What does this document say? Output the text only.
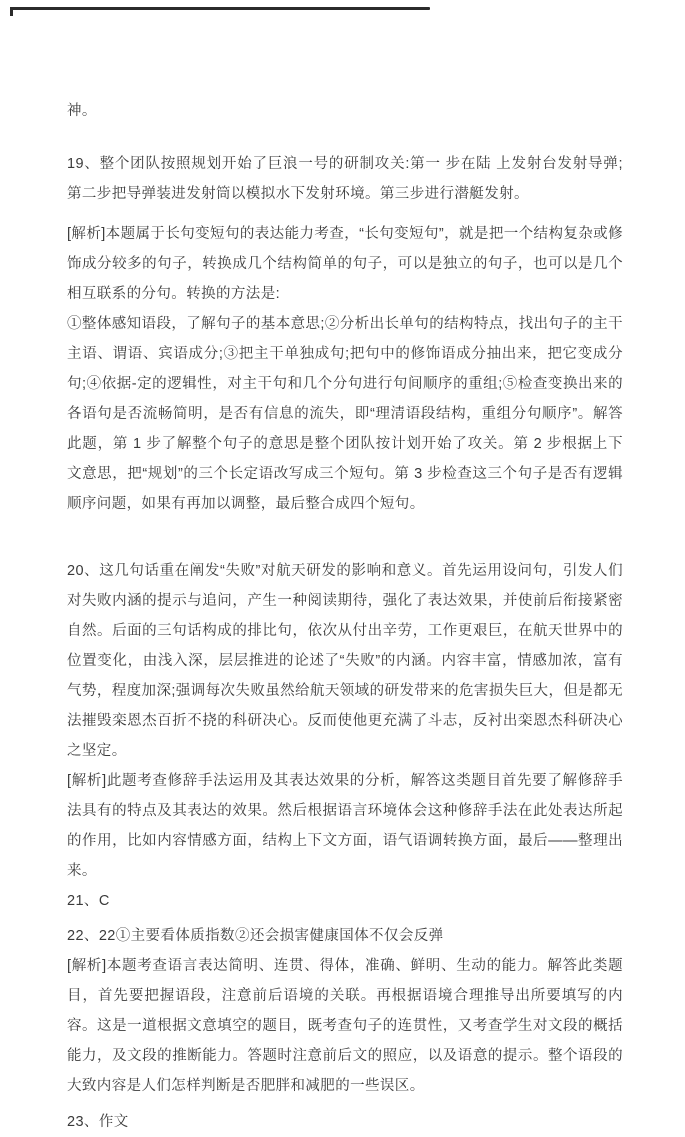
神。

19、整个团队按照规划开始了巨浪一号的研制攻关:第一 步在陆 上发射台发射导弹;第二步把导弹装进发射筒以模拟水下发射环境。第三步进行潜艇发射。

[解析]本题属于长句变短句的表达能力考查，“长句变短句”，就是把一个结构复杂或修饰成分较多的句子，转换成几个结构简单的句子，可以是独立的句子，也可以是几个相互联系的分句。转换的方法是:

①整体感知语段，了解句子的基本意思;②分析出长单句的结构特点，找出句子的主干主语、谓语、宾语成分;③把主干单独成句;把句中的修饰语成分抽出来，把它变成分句;④依据-定的逻辑性，对主干句和几个分句进行句间顺序的重组;⑤检查变换出来的各语句是否流畅简明，是否有信息的流失，即“理清语段结构，重组分句顺序”。解答此题，第 1 步了解整个句子的意思是整个团队按计划开始了攻关。第 2 步根据上下文意思，把“规划”的三个长定语改写成三个短句。第 3 步检查这三个句子是否有逻辑顺序问题，如果有再加以调整，最后整合成四个短句。

20、这几句话重在阐发“失败”对航天研发的影响和意义。首先运用设问句，引发人们对失败内涵的提示与追问，产生一种阅读期待，强化了表达效果，并使前后衔接紧密自然。后面的三句话构成的排比句，依次从付出辛劳，工作更艰巨，在航天世界中的位置变化，由浅入深，层层推进的论述了“失败”的内涵。内容丰富，情感加浓，富有气势，程度加深;强调每次失败虽然给航天领域的研发带来的危害损失巨大，但是都无法摧毁栾恩杰百折不挠的科研决心。反而使他更充满了斗志，反衬出栾恩杰科研决心之坚定。

[解析]此题考查修辞手法运用及其表达效果的分析，解答这类题目首先要了解修辞手法具有的特点及其表达的效果。然后根据语言环境体会这种修辞手法在此处表达所起的作用，比如内容情感方面，结构上下文方面，语气语调转换方面，最后——整理出来。

21、C

22、22①主要看体质指数②还会损害健康国体不仅会反弹

[解析]本题考查语言表达简明、连贯、得体，准确、鲜明、生动的能力。解答此类题目，首先要把握语段，注意前后语境的关联。再根据语境合理推导出所要填写的内容。这是一道根据文意填空的题目，既考查句子的连贯性，又考查学生对文段的概括能力，及文段的推断能力。答题时注意前后文的照应，以及语意的提示。整个语段的大致内容是人们怎样判断是否肥胖和减肥的一些误区。

23、作文
